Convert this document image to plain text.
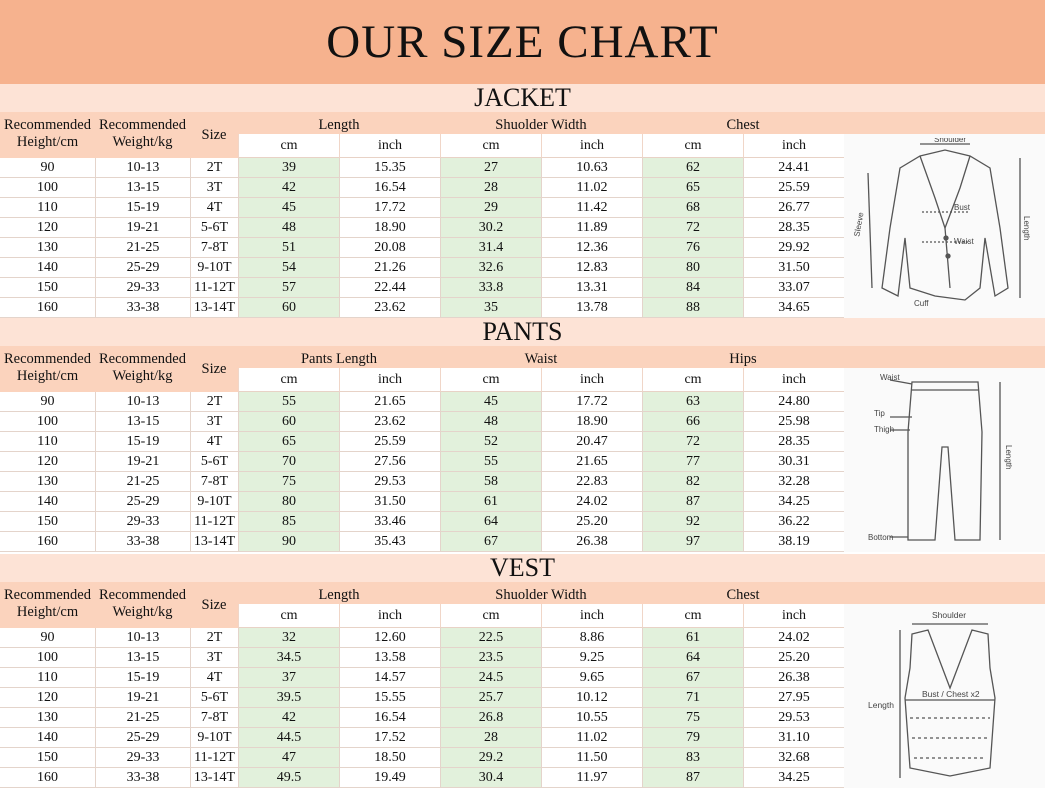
OUR SIZE CHART
JACKET
Recommended Recommended
Height/cm	Weight/kg	Size
Length
cm	inch
Shuolder Width
cm	inch
Chest
cm	inch
90	10-13	2T	39	15.35	27	10.63	62	24.41
100	13-15	3T	42	16.54	28	11.02	65	25.59
110	15-19	4T	45	17.72	29	11.42	68	26.77
120	19-21	5-6T	48	18.90	30.2	11.89	72	28.35
130	21-25	7-8T	51	20.08	31.4	12.36	76	29.92
140	25-29	9-10T	54	21.26	32.6	12.83	80	31.50
150	29-33	11-12T	57	22.44	33.8	13.31	84	33.07
160	33-38	13-14T	60	23.62	35	13.78	88	34.65
Shoulder
Bust
Waist
Sleeve	Length
Cuff
PANTS
Recommended Recommended
Height/cm	Weight/kg	Size
Pants Length
cm	inch
Waist
cm	inch
Hips
cm	inch
90	10-13	2T	55	21.65	45	17.72	63	24.80
100	13-15	3T	60	23.62	48	18.90	66	25.98
110	15-19	4T	65	25.59	52	20.47	72	28.35
120	19-21	5-6T	70	27.56	55	21.65	77	30.31
130	21-25	7-8T	75	29.53	58	22.83	82	32.28
140	25-29	9-10T	80	31.50	61	24.02	87	34.25
150	29-33	11-12T	85	33.46	64	25.20	92	36.22
160	33-38	13-14T	90	35.43	67	26.38	97	38.19
Waist
Tip
Thigh
Length
Bottom
VEST
Recommended Recommended
Height/cm	Weight/kg	Size
Length
cm	inch
Shuolder Width
cm	inch
Chest
cm	inch
90	10-13	2T	32	12.60	22.5	8.86	61	24.02
100	13-15	3T	34.5	13.58	23.5	9.25	64	25.20
110	15-19	4T	37	14.57	24.5	9.65	67	26.38
120	19-21	5-6T	39.5	15.55	25.7	10.12	71	27.95
130	21-25	7-8T	42	16.54	26.8	10.55	75	29.53
140	25-29	9-10T	44.5	17.52	28	11.02	79	31.10
150	29-33	11-12T	47	18.50	29.2	11.50	83	32.68
160	33-38	13-14T	49.5	19.49	30.4	11.97	87	34.25
Shoulder
Bust / Chest x2
Length
